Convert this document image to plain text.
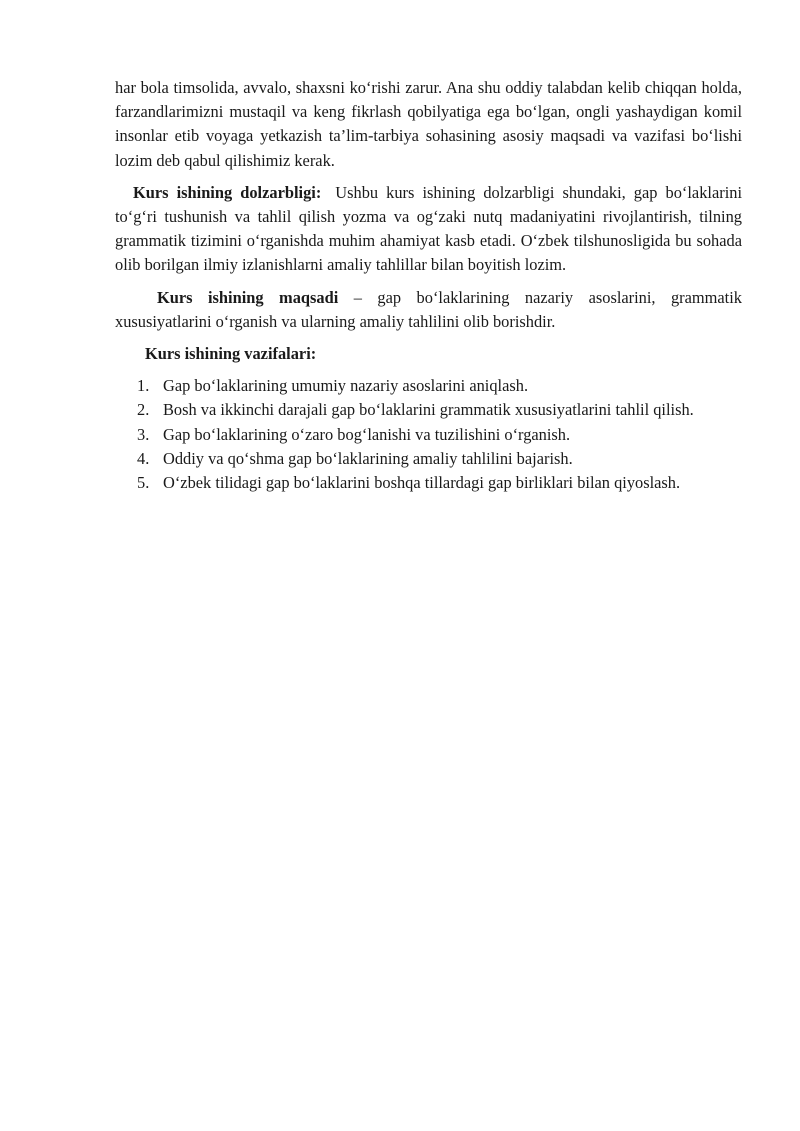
har bola timsolida, avvalo, shaxsni ko‘rishi zarur. Ana shu oddiy talabdan kelib chiqqan holda, farzandlarimizni mustaqil va keng fikrlash qobilyatiga ega bo‘lgan, ongli yashaydigan komil insonlar etib voyaga yetkazish ta’lim-tarbiya sohasining asosiy maqsadi va vazifasi bo‘lishi lozim deb qabul qilishimiz kerak.

Kurs ishining dolzarbligi: Ushbu kurs ishining dolzarbligi shundaki, gap bo‘laklarini to‘g‘ri tushunish va tahlil qilish yozma va og‘zaki nutq madaniyatini rivojlantirish, tilning grammatik tizimini o‘rganishda muhim ahamiyat kasb etadi. O‘zbek tilshunosligida bu sohada olib borilgan ilmiy izlanishlarni amaliy tahlillar bilan boyitish lozim.

Kurs ishining maqsadi – gap bo‘laklarining nazariy asoslarini, grammatik xususiyatlarini o‘rganish va ularning amaliy tahlilini olib borishdir.

Kurs ishining vazifalari:
1. Gap bo‘laklarining umumiy nazariy asoslarini aniqlash.
2. Bosh va ikkinchi darajali gap bo‘laklarini grammatik xususiyatlarini tahlil qilish.
3. Gap bo‘laklarining o‘zaro bog‘lanishi va tuzilishini o‘rganish.
4. Oddiy va qo‘shma gap bo‘laklarining amaliy tahlilini bajarish.
5. O‘zbek tilidagi gap bo‘laklarini boshqa tillardagi gap birliklari bilan qiyoslash.
